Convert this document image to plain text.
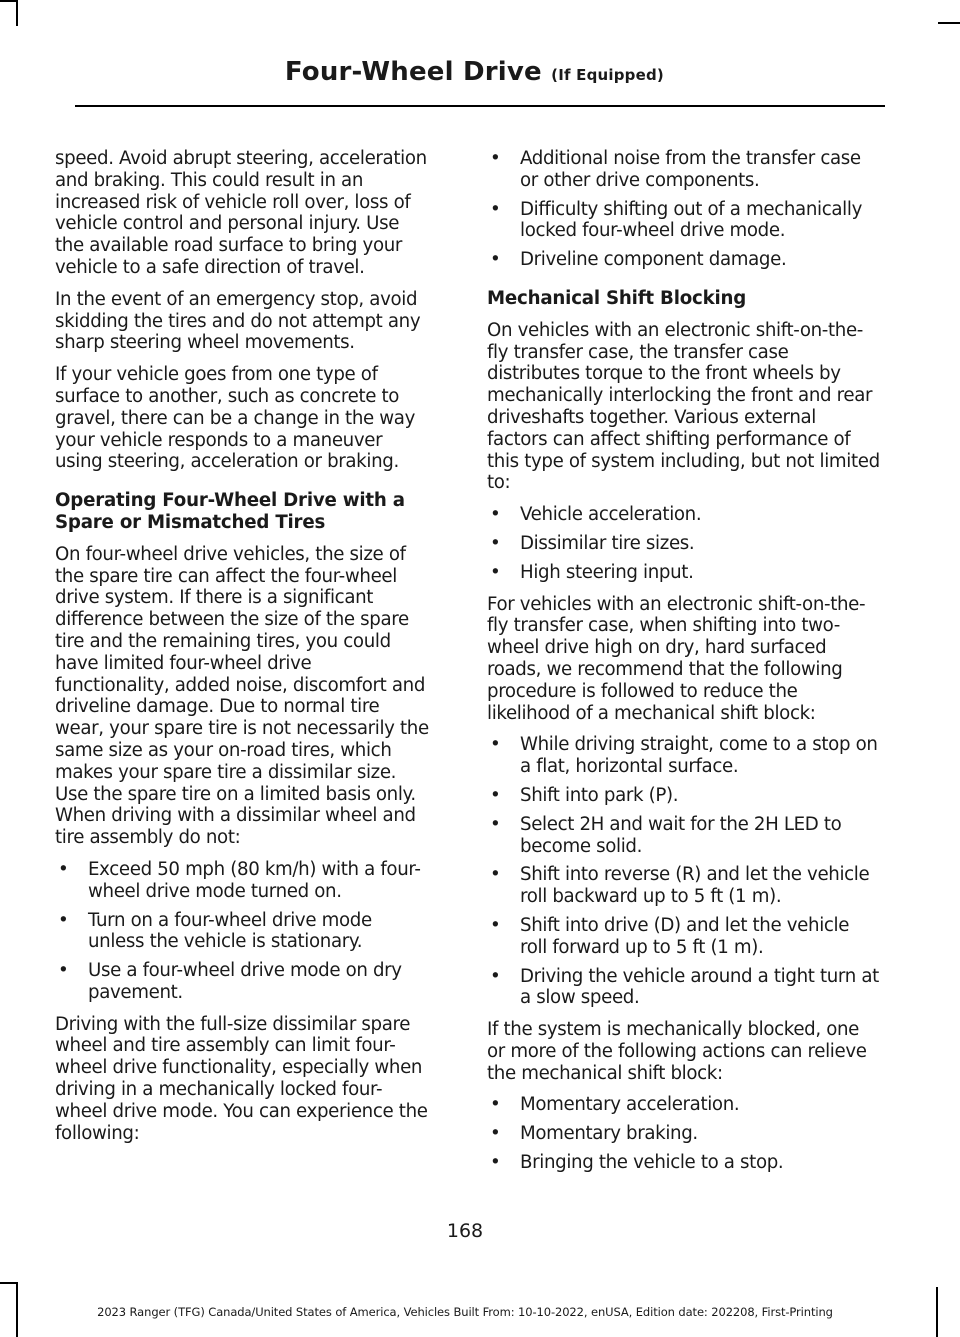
Four-Wheel Drive (If Equipped)

speed. Avoid abrupt steering, acceleration and braking. This could result in an increased risk of vehicle roll over, loss of vehicle control and personal injury. Use the available road surface to bring your vehicle to a safe direction of travel.

In the event of an emergency stop, avoid skidding the tires and do not attempt any sharp steering wheel movements.

If your vehicle goes from one type of surface to another, such as concrete to gravel, there can be a change in the way your vehicle responds to a maneuver using steering, acceleration or braking.

Operating Four-Wheel Drive with a Spare or Mismatched Tires

On four-wheel drive vehicles, the size of the spare tire can affect the four-wheel drive system. If there is a significant difference between the size of the spare tire and the remaining tires, you could have limited four-wheel drive functionality, added noise, discomfort and driveline damage. Due to normal tire wear, your spare tire is not necessarily the same size as your on-road tires, which makes your spare tire a dissimilar size. Use the spare tire on a limited basis only. When driving with a dissimilar wheel and tire assembly do not:

• Exceed 50 mph (80 km/h) with a four-wheel drive mode turned on.
• Turn on a four-wheel drive mode unless the vehicle is stationary.
• Use a four-wheel drive mode on dry pavement.

Driving with the full-size dissimilar spare wheel and tire assembly can limit four-wheel drive functionality, especially when driving in a mechanically locked four-wheel drive mode. You can experience the following:

• Additional noise from the transfer case or other drive components.
• Difficulty shifting out of a mechanically locked four-wheel drive mode.
• Driveline component damage.
Mechanical Shift Blocking

On vehicles with an electronic shift-on-the-fly transfer case, the transfer case distributes torque to the front wheels by mechanically interlocking the front and rear driveshafts together. Various external factors can affect shifting performance of this type of system including, but not limited to:

• Vehicle acceleration.
• Dissimilar tire sizes.
• High steering input.

For vehicles with an electronic shift-on-the-fly transfer case, when shifting into two-wheel drive high on dry, hard surfaced roads, we recommend that the following procedure is followed to reduce the likelihood of a mechanical shift block:

• While driving straight, come to a stop on a flat, horizontal surface.
• Shift into park (P).
• Select 2H and wait for the 2H LED to become solid.
• Shift into reverse (R) and let the vehicle roll backward up to 5 ft (1 m).
• Shift into drive (D) and let the vehicle roll forward up to 5 ft (1 m).
• Driving the vehicle around a tight turn at a slow speed.

If the system is mechanically blocked, one or more of the following actions can relieve the mechanical shift block:

• Momentary acceleration.
• Momentary braking.
• Bringing the vehicle to a stop.
168
2023 Ranger (TFG) Canada/United States of America, Vehicles Built From: 10-10-2022, enUSA, Edition date: 202208, First-Printing
